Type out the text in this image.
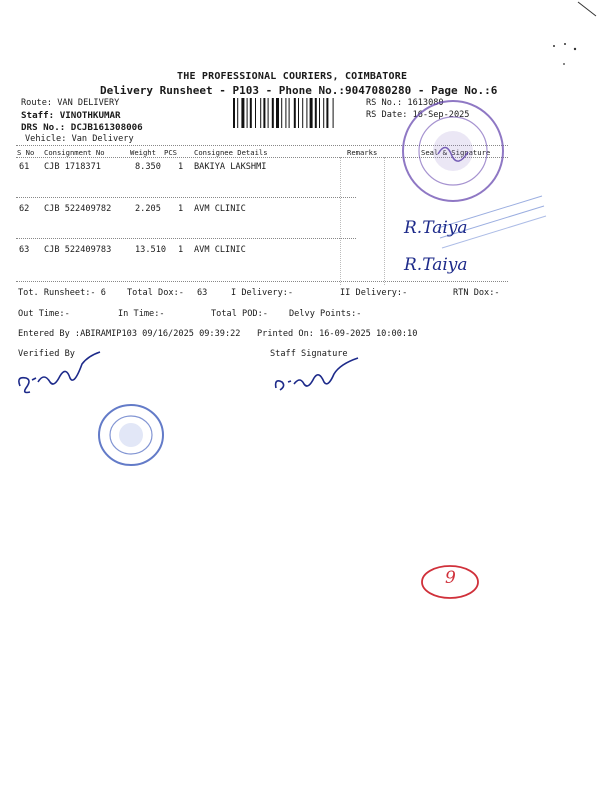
THE PROFESSIONAL COURIERS, COIMBATORE
Delivery Runsheet - P103 - Phone No.:9047080280 - Page No.:6
Route: VAN DELIVERY
Staff: VINOTHKUMAR
DRS No.: DCJB161308006
Vehicle: Van Delivery
RS No.: 1613080
RS Date: 16-Sep-2025
S No Consignment No	Weight PCS Consignee Details	Remarks	Seal & Signature
61 CJB 1718371	8.350 1 BAKIYA LAKSHMI
62 CJB 522409782	2.205 1 AVM CLINIC
63 CJB 522409783	13.510 1 AVM CLINIC
Tot. Runsheet:- 6 Total Dox:- 63	I Delivery:-	II Delivery:-	RTN Dox:-
Out Time:-	In Time:-	Total POD:- Delvy Points:-
Entered By :ABIRAMIP103 09/16/2025 09:39:22 Printed On: 16-09-2025 10:00:10
Verified By	Staff Signature
R.Taiya
R.Taiya
9
